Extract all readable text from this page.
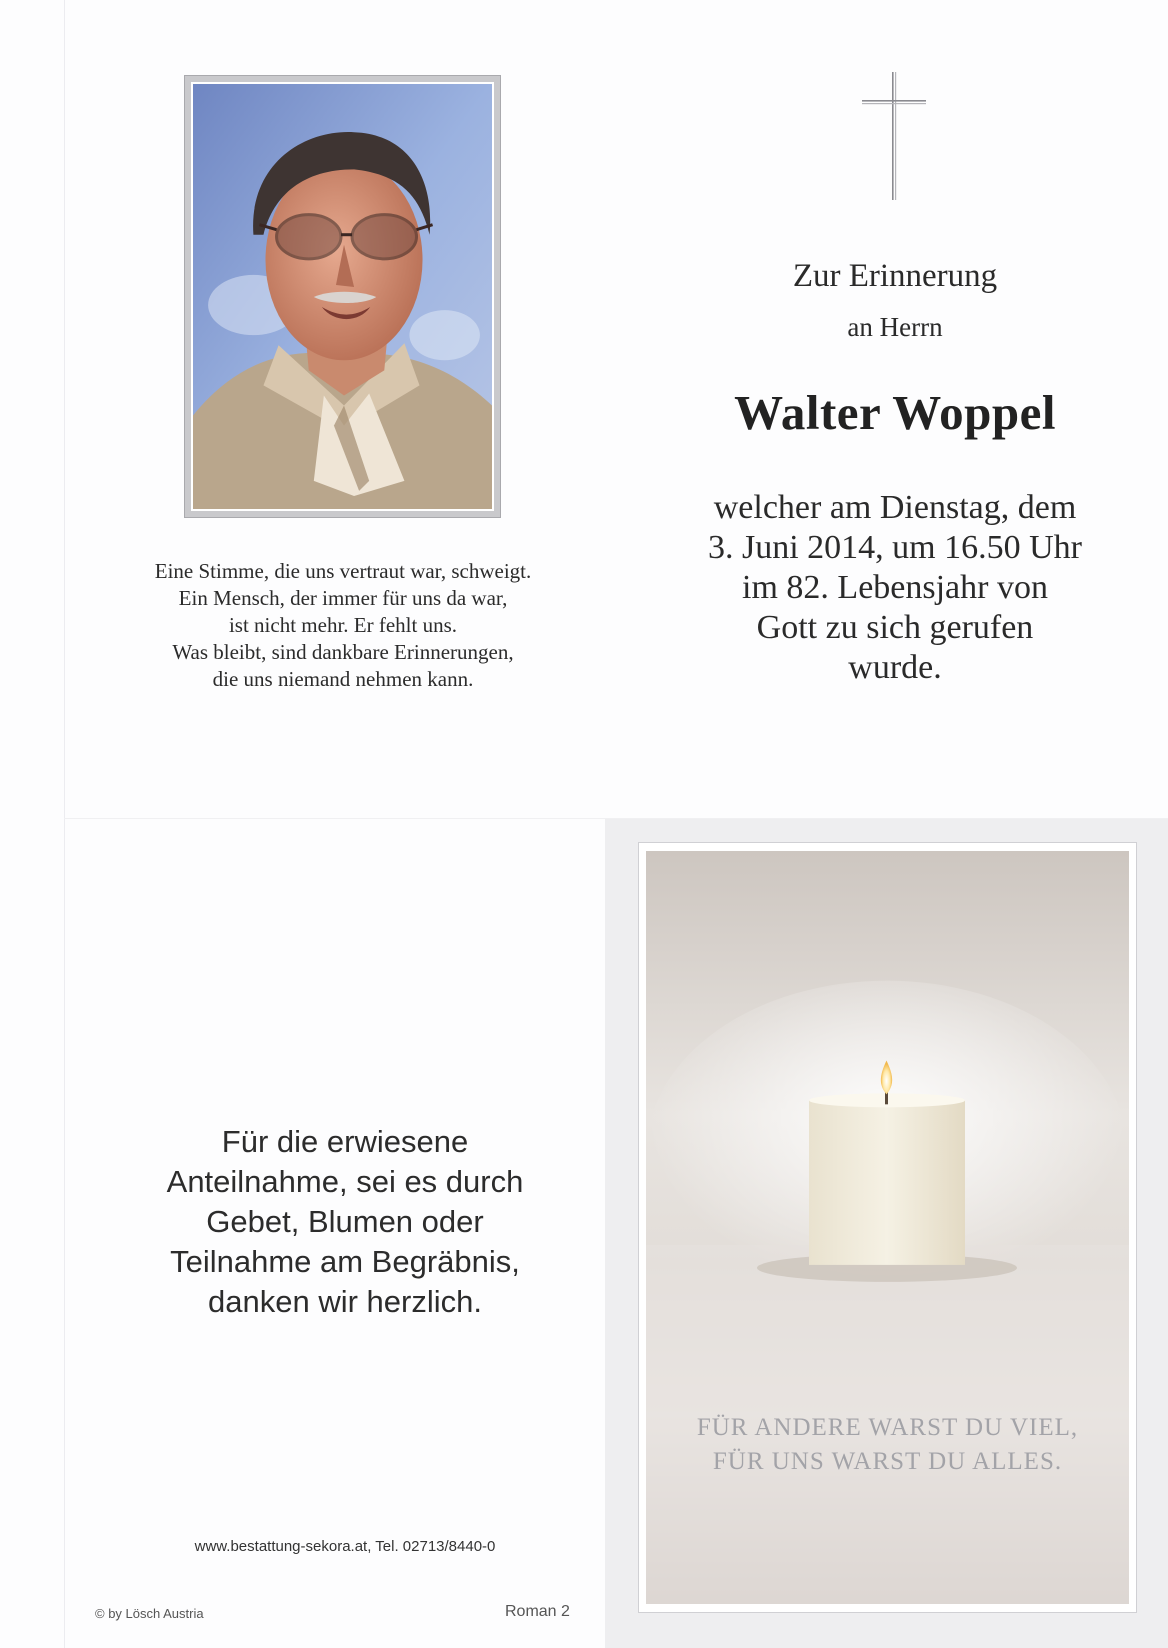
Eine Stimme, die uns vertraut war, schweigt.
Ein Mensch, der immer für uns da war,
ist nicht mehr. Er fehlt uns.
Was bleibt, sind dankbare Erinnerungen,
die uns niemand nehmen kann.
Zur Erinnerung
an Herrn
Walter Woppel
welcher am Dienstag, dem
3. Juni 2014, um 16.50 Uhr
im 82. Lebensjahr von
Gott zu sich gerufen
wurde.
Für die erwiesene
Anteilnahme, sei es durch
Gebet, Blumen oder
Teilnahme am Begräbnis,
danken wir herzlich.
www.bestattung-sekora.at, Tel. 02713/8440-0
© by Lösch Austria	Roman 2
FÜR ANDERE WARST DU VIEL,
FÜR UNS WARST DU ALLES.
